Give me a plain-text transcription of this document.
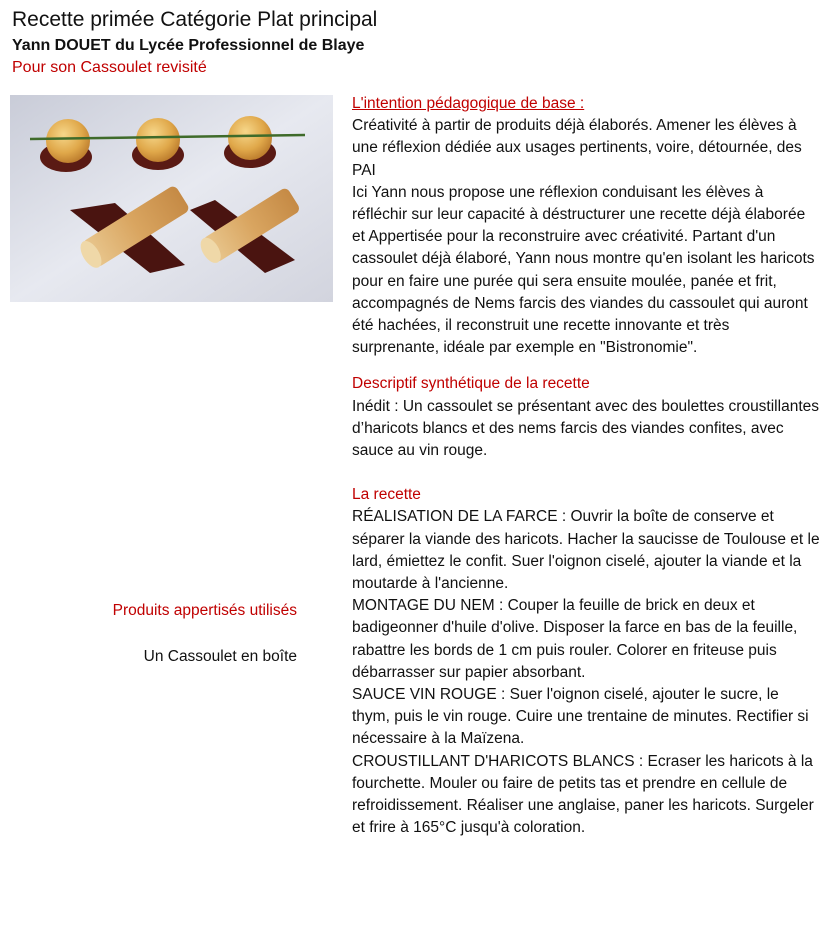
Recette primée Catégorie Plat principal
Yann DOUET du Lycée Professionnel de Blaye
Pour son Cassoulet revisité
L'intention pédagogique de base :
Créativité à partir de produits déjà élaborés. Amener les élèves à une réflexion dédiée aux usages pertinents, voire, détournée, des PAI
Ici Yann nous propose une réflexion conduisant les élèves à réfléchir sur leur capacité à déstructurer une recette déjà élaborée et Appertisée pour la reconstruire avec créativité. Partant d'un cassoulet déjà élaboré, Yann nous montre qu'en isolant les haricots pour en faire une purée qui sera ensuite moulée, panée et frit, accompagnés de Nems farcis des viandes du cassoulet qui auront été hachées, il reconstruit une recette innovante et très surprenante, idéale par exemple en "Bistronomie".
Descriptif synthétique de la recette
Inédit : Un cassoulet se présentant avec des boulettes croustillantes d’haricots blancs et des nems farcis des viandes confites, avec sauce au vin rouge.
La recette
RÉALISATION DE LA FARCE : Ouvrir la boîte de conserve et séparer la viande des haricots. Hacher la saucisse de Toulouse et le lard, émiettez le confit. Suer l'oignon ciselé, ajouter la viande et la moutarde à l'ancienne.
MONTAGE DU NEM : Couper la feuille de brick en deux et badigeonner d'huile d'olive. Disposer la farce en bas de la feuille, rabattre les bords de 1 cm puis rouler. Colorer en friteuse puis débarrasser sur papier absorbant.
SAUCE VIN ROUGE : Suer l'oignon ciselé, ajouter le sucre, le thym, puis le vin rouge. Cuire une trentaine de minutes. Rectifier si nécessaire à la Maïzena.
CROUSTILLANT D'HARICOTS BLANCS : Ecraser les haricots à la fourchette. Mouler ou faire de petits tas et prendre en cellule de refroidissement. Réaliser une anglaise, paner les haricots. Surgeler et frire à 165°C jusqu'à coloration.
Produits appertisés utilisés
Un Cassoulet en boîte
